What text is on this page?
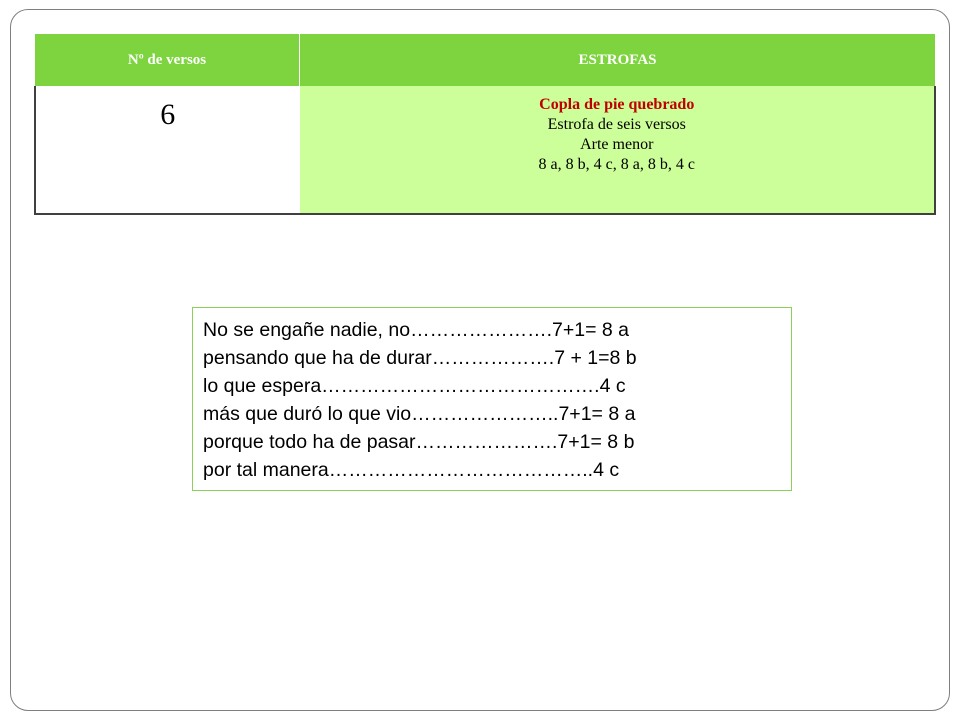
Nº de versos	ESTROFAS
6	Copla de pie quebrado
Estrofa de seis versos
Arte menor
8 a, 8 b, 4 c, 8 a, 8 b, 4 c
No se engañe nadie, no………………….7+1= 8 a
pensando que ha de durar……………….7 + 1=8 b
lo que espera…………………………………….4 c
más que duró lo que vio…………………..7+1= 8 a
porque todo ha de pasar………………….7+1= 8 b
por tal manera…………………………………..4 c
